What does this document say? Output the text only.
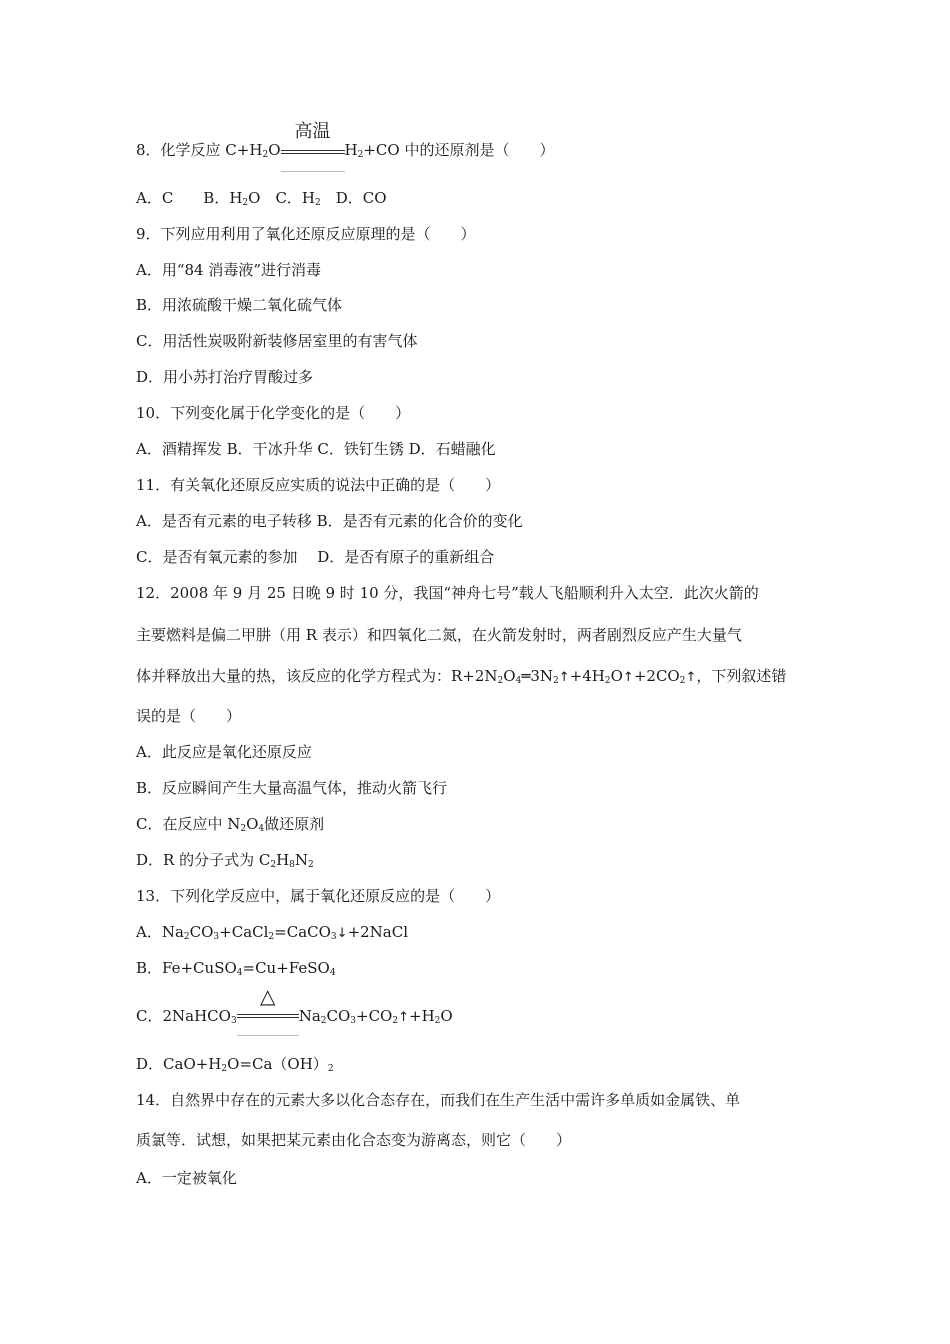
8．化学反应 $C+H_2O$
高温
$H_2+CO$ 中的还原剂是（　　）
A．C　　B．$H_2O$　C．$H_2$　D．CO
9．下列应用利用了氧化还原反应原理的是（　　）
A．用“84 消毒液”进行消毒
B．用浓硫酸干燥二氧化硫气体
C．用活性炭吸附新装修居室里的有害气体
D．用小苏打治疗胃酸过多
10．下列变化属于化学变化的是（　　）
A．酒精挥发 B．干冰升华 C．铁钉生锈 D．石蜡融化
11．有关氧化还原反应实质的说法中正确的是（　　）
A．是否有元素的电子转移 B．是否有元素的化合价的变化
C．是否有氧元素的参加　 D．是否有原子的重新组合
12．2008 年 9 月 25 日晚 9 时 10 分，我国“神舟七号”载人飞船顺利升入太空．此次火箭的
主要燃料是偏二甲肼（用 R 表示）和四氧化二氮，在火箭发射时，两者剧烈反应产生大量气
体并释放出大量的热，该反应的化学方程式为：$R+2N_2O_4═3N_2↑+4H_2O↑+2CO_2↑$，下列叙述错
误的是（　　）
A．此反应是氧化还原反应
B．反应瞬间产生大量高温气体，推动火箭飞行
C．在反应中 $N_2O_4$做还原剂
D．R 的分子式为 $C_2H_8N_2$
13．下列化学反应中，属于氧化还原反应的是（　　）
A．$Na_2CO_3+CaCl_2=CaCO_3↓+2NaCl$
B．Fe+CuSO$_4$=Cu+FeSO$_4$
C．2NaHCO$_3$
△
$Na_2CO_3+CO_2↑+H_2O$
D．$CaO+H_2O=Ca(OH)_2$
14．自然界中存在的元素大多以化合态存在，而我们在生产生活中需许多单质如金属铁、单
质氯等．试想，如果把某元素由化合态变为游离态，则它（　　）
A．一定被氧化
